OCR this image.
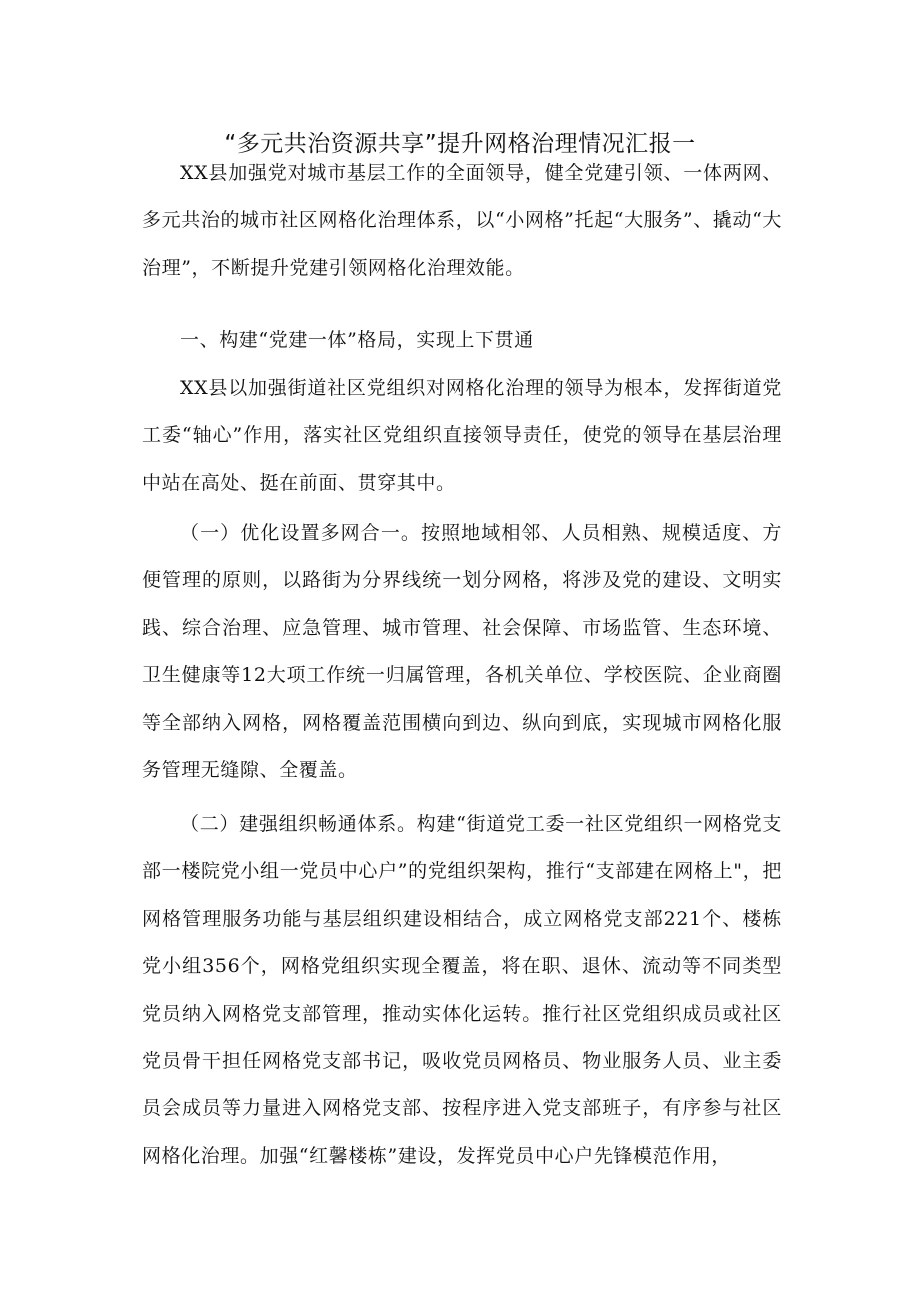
“多元共治资源共享”提升网格治理情况汇报一

XX县加强党对城市基层工作的全面领导，健全党建引领、一体两网、多元共治的城市社区网格化治理体系，以“小网格”托起“大服务”、撬动“大治理”，不断提升党建引领网格化治理效能。

一、构建“党建一体”格局，实现上下贯通

XX县以加强街道社区党组织对网格化治理的领导为根本，发挥街道党工委“轴心”作用，落实社区党组织直接领导责任，使党的领导在基层治理中站在高处、挺在前面、贯穿其中。

（一）优化设置多网合一。按照地域相邻、人员相熟、规模适度、方便管理的原则，以路街为分界线统一划分网格，将涉及党的建设、文明实践、综合治理、应急管理、城市管理、社会保障、市场监管、生态环境、卫生健康等12大项工作统一归属管理，各机关单位、学校医院、企业商圈等全部纳入网格，网格覆盖范围横向到边、纵向到底，实现城市网格化服务管理无缝隙、全覆盖。

（二）建强组织畅通体系。构建“街道党工委一社区党组织一网格党支部一楼院党小组一党员中心户”的党组织架构，推行“支部建在网格上"，把网格管理服务功能与基层组织建设相结合，成立网格党支部221个、楼栋党小组356个，网格党组织实现全覆盖，将在职、退休、流动等不同类型党员纳入网格党支部管理，推动实体化运转。推行社区党组织成员或社区党员骨干担任网格党支部书记，吸收党员网格员、物业服务人员、业主委员会成员等力量进入网格党支部、按程序进入党支部班子，有序参与社区网格化治理。加强“红馨楼栋”建设，发挥党员中心户先锋模范作用，
